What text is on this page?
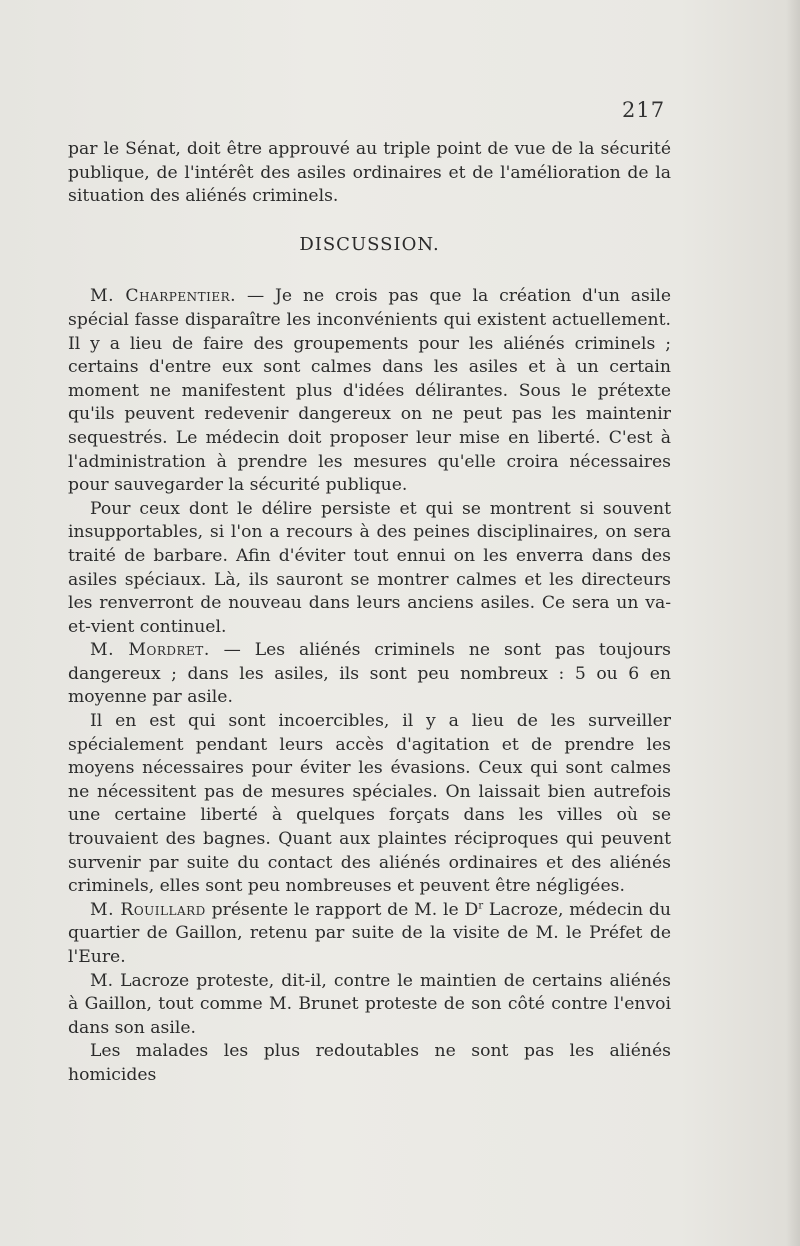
217

par le Sénat, doit être approuvé au triple point de vue de la sécurité publique, de l'intérêt des asiles ordinaires et de l'amélioration de la situation des aliénés criminels.

DISCUSSION.

M. Charpentier. — Je ne crois pas que la création d'un asile spécial fasse disparaître les inconvénients qui existent actuellement. Il y a lieu de faire des groupements pour les aliénés criminels ; certains d'entre eux sont calmes dans les asiles et à un certain moment ne manifestent plus d'idées délirantes. Sous le prétexte qu'ils peuvent redevenir dangereux on ne peut pas les maintenir sequestrés. Le médecin doit proposer leur mise en liberté. C'est à l'administration à prendre les mesures qu'elle croira nécessaires pour sauvegarder la sécurité publique.

Pour ceux dont le délire persiste et qui se montrent si souvent insupportables, si l'on a recours à des peines disciplinaires, on sera traité de barbare. Afin d'éviter tout ennui on les enverra dans des asiles spéciaux. Là, ils sauront se montrer calmes et les directeurs les renverront de nouveau dans leurs anciens asiles. Ce sera un va-et-vient continuel.

M. Mordret. — Les aliénés criminels ne sont pas toujours dangereux ; dans les asiles, ils sont peu nombreux : 5 ou 6 en moyenne par asile.

Il en est qui sont incoercibles, il y a lieu de les surveiller spécialement pendant leurs accès d'agitation et de prendre les moyens nécessaires pour éviter les évasions. Ceux qui sont calmes ne nécessitent pas de mesures spéciales. On laissait bien autrefois une certaine liberté à quelques forçats dans les villes où se trouvaient des bagnes. Quant aux plaintes réciproques qui peuvent survenir par suite du contact des aliénés ordinaires et des aliénés criminels, elles sont peu nombreuses et peuvent être négligées.

M. Rouillard présente le rapport de M. le $D^r$ Lacroze, médecin du quartier de Gaillon, retenu par suite de la visite de M. le Préfet de l'Eure.

M. Lacroze proteste, dit-il, contre le maintien de certains aliénés à Gaillon, tout comme M. Brunet proteste de son côté contre l'envoi dans son asile.

Les malades les plus redoutables ne sont pas les aliénés homicides
